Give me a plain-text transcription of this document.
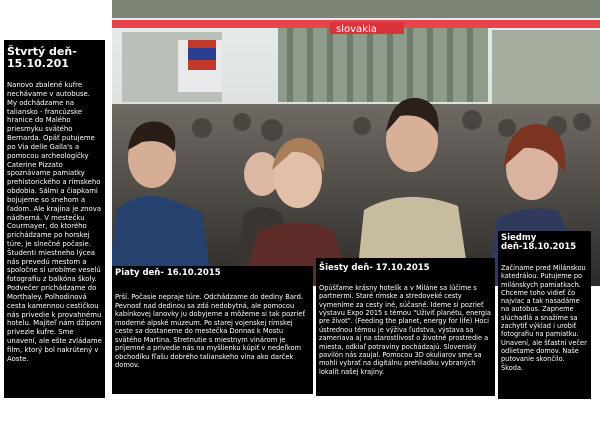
slovakia
Štvrtý deň- 15.10.201

Nanovo zbalené kufre nechávame v autobuse. My odchádzame na taliansko - francúzske hranice do Malého priesmyku svätého Bernarda. Opäť putujeme po Via delle Galla's a pomocou archeologičky Caterine Pizzato spoznávame pamiatky prehistorického a rímskeho obdobia. Sálmi a čiapkami bojujeme so snehom a ľadom. Ale krajina je znova nádherná. V mestečku Courmayer, do ktorého prichádzame po horskej túre, je slnečné počasie. Študenti miestneho lýcea nás prevedú mestom a spoločne si urobíme veselú fotografiu z balkóna školy. Podvečer prichádzame do Morthaley. Polhodinová cesta kamennou cestičkou nás privedie k provahnému hotelu. Majiteľ nám džípom privezie kufre. Sme unavení, ale ešte zvládame film, ktorý bol nakrútený v Aoste.

Piaty deň- 16.10.2015

Prší. Počasie nepraje túre. Odchádzame do dediny Bard. Pevnosť nad dedinou sa zdá nedobytná, ale pomocou kabínkovej lanovky ju dobyjeme a môžeme si tak pozrieť moderné alpské múzeum. Po starej vojenskej rímskej ceste sa dostaneme do mestečka Donnas k Mostu svätého Martina. Stretnutie s miestnym vinárom je príjemné a privedie nás na myšlienku kúpiť v nedeľkom obchodíku fľašu dobrého talianskeho vína ako darček domov.

Šiesty deň- 17.10.2015

Opúšťame krásny hotelík a v Miláne sa lúčime s partnermi. Staré rímske a stredoveké cesty vymeníme za cesty iné, súčasné. Ideme si pozrieť výstavu Expo 2015 s témou "Uživiť planétu, energia pre život". (Feeding the planet, energy for life) Hoci ústrednou témou je výživa ľudstva, výstava sa zameriava aj na starostlivosť o životné prostredie a miesta, odkiaľ potraviny pochádzajú. Slovenský pavilón nás zaujal. Pomocou 3D okuliarov sme sa mohli vybrať na digitálnu prehliadku vybraných lokalít našej krajiny.

Siedmy deň-18.10.2015

Začíname pred Milánskou katedrálou. Putujeme po milánskych pamiatkach. Chceme toho vidieť čo najviac a tak nasadáme na autobus. Zapneme slúchadlá a snažíme sa zachytiť výklad i urobiť fotografiu na pamiatku. Unavení, ale šťastní večer odlietame domov. Naše putovanie skončilo. Škoda.
